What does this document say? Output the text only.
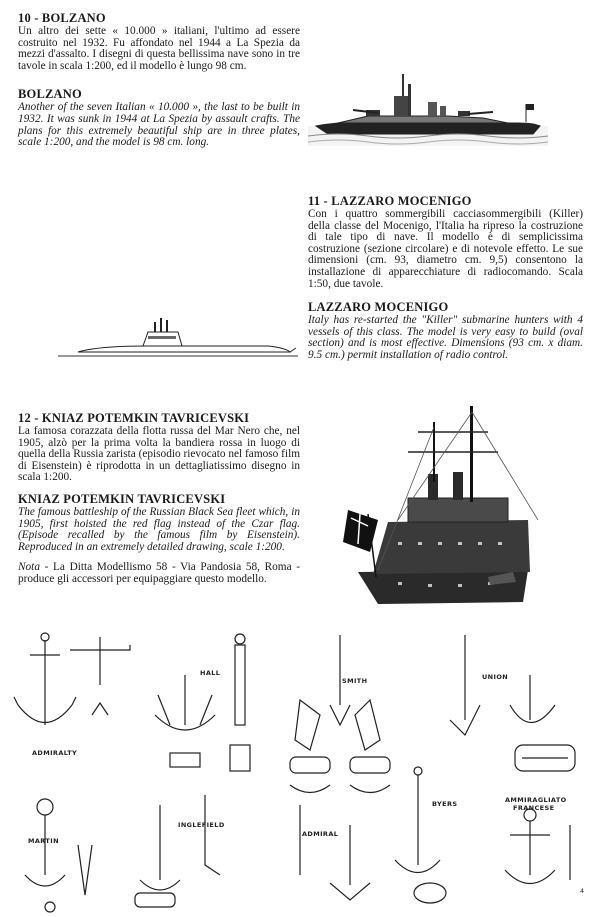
10 - BOLZANO

Un altro dei sette « 10.000 » italiani, l'ultimo ad essere costruito nel 1932. Fu affondato nel 1944 a La Spezia da mezzi d'assalto. I disegni di questa bellissima nave sono in tre tavole in scala 1:200, ed il modello è lungo 98 cm.

BOLZANO

Another of the seven Italian « 10.000 », the last to be built in 1932. It was sunk in 1944 at La Spezia by assault crafts. The plans for this extremely beautiful ship are in three plates, scale 1:200, and the model is 98 cm. long.

11 - LAZZARO MOCENIGO

Con i quattro sommergibili cacciasommergibili (Killer) della classe del Mocenigo, l'Italia ha ripreso la costruzione di tale tipo di nave. Il modello è di semplicissima costruzione (sezione circolare) e di notevole effetto. Le sue dimensioni (cm. 93, diametro cm. 9,5) consentono la installazione di apparecchiature di radiocomando. Scala 1:50, due tavole.

LAZZARO MOCENIGO

Italy has re-started the "Killer" submarine hunters with 4 vessels of this class. The model is very easy to build (oval section) and is most effective. Dimensions (93 cm. x diam. 9.5 cm.) permit installation of radio control.

12 - KNIAZ POTEMKIN TAVRICEVSKI

La famosa corazzata della flotta russa del Mar Nero che, nel 1905, alzò per la prima volta la bandiera rossa in luogo di quella della Russia zarista (episodio rievocato nel famoso film di Eisenstein) è riprodotta in un dettagliatissimo disegno in scala 1:200.

KNIAZ POTEMKIN TAVRICEVSKI

The famous battleship of the Russian Black Sea fleet which, in 1905, first hoisted the red flag instead of the Czar flag. (Episode recalled by the famous film by Eisenstein). Reproduced in an extremely detailed drawing, scale 1:200.

Nota - La Ditta Modellismo 58 - Via Pandosia 58, Roma - produce gli accessori per equipaggiare questo modello.

ADMIRALTY
HALL
SMITH	UNION
MARTIN
INGLEFIELD
ADMIRAL
BYERS	AMMIRAGLIATO
FRANCESE
4
